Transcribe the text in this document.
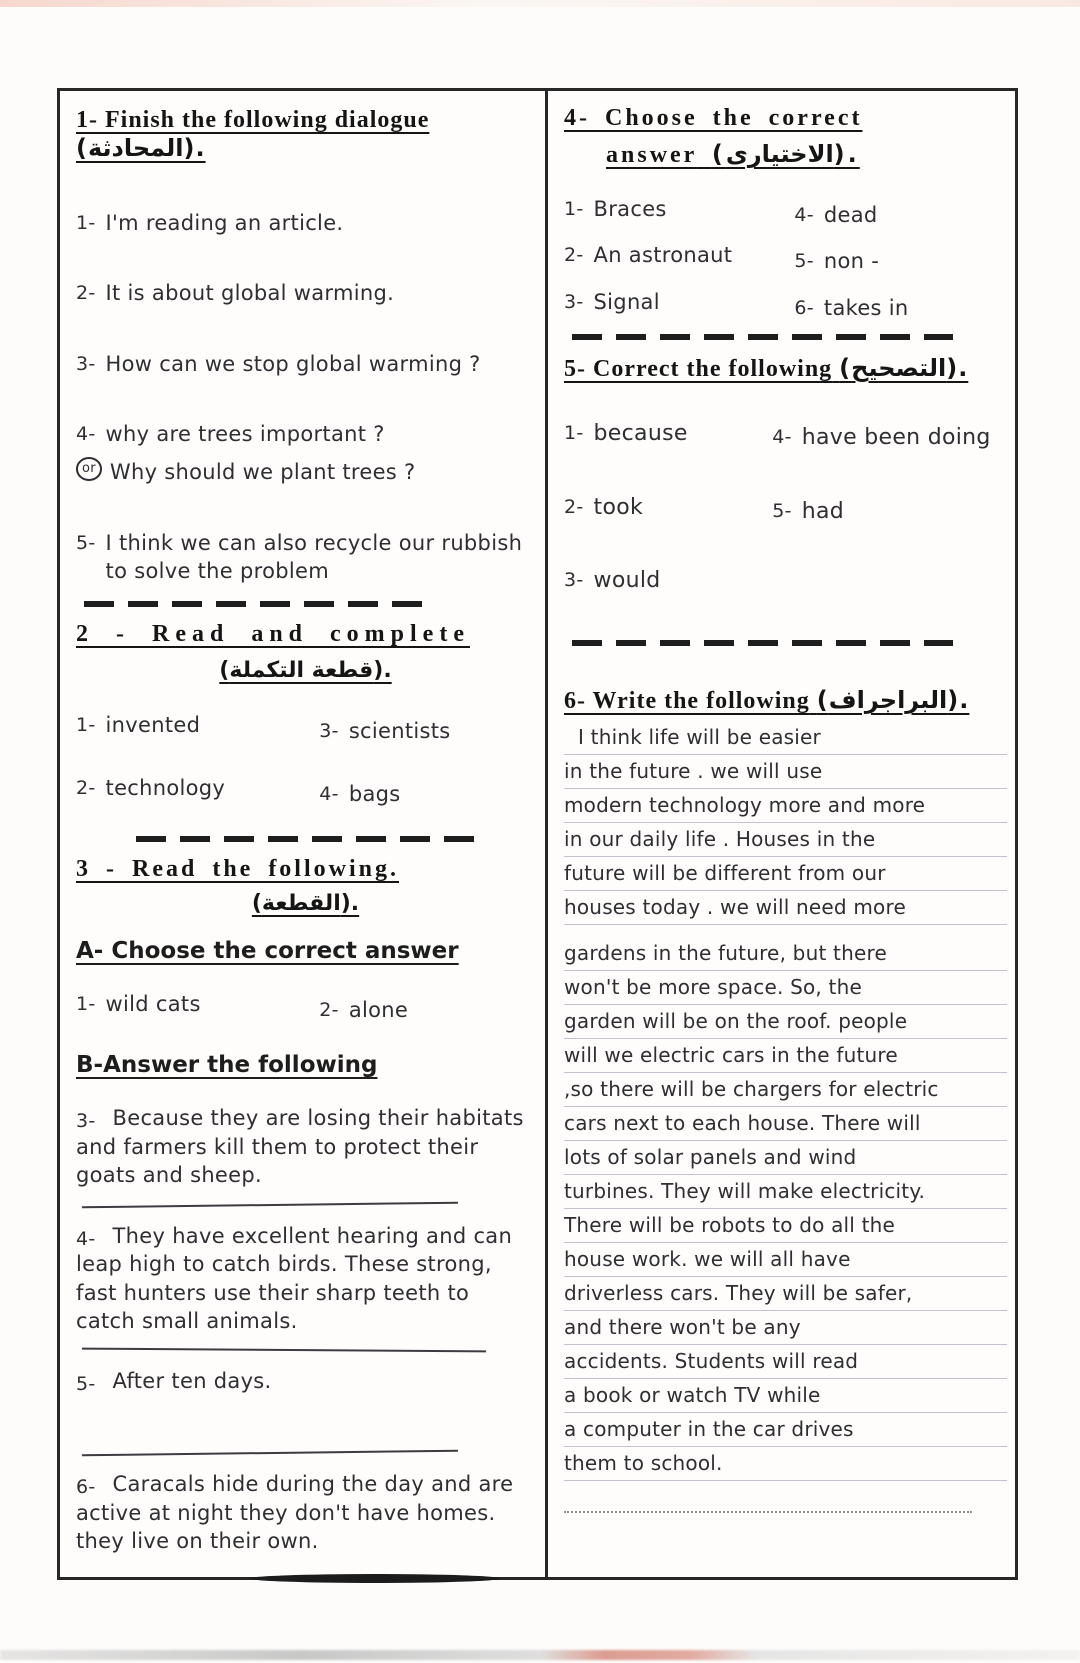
1- Finish the following dialogue (المحادثة).
1- I'm reading an article.
2- It is about global warming.
3- How can we stop global warming ?
4- why are trees important ?
or Why should we plant trees ?
5- I think we can also recycle our rubbish to solve the problem
2 - Read and complete
(قطعة التكملة).
1- invented	3- scientists
2- technology	4- bags
3 - Read the following.
(القطعة).
A- Choose the correct answer
1- wild cats	2- alone
B-Answer the following
3- Because they are losing their habitats and farmers kill them to protect their goats and sheep.
4- They have excellent hearing and can leap high to catch birds. These strong, fast hunters use their sharp teeth to catch small animals.
5- After ten days.
6- Caracals hide during the day and are active at night they don't have homes. they live on their own.
4- Choose the correct
answer (الاختيارى).
1- Braces	4- dead
2- An astronaut	5- non -
3- Signal	6- takes in
5- Correct the following (التصحيح).
1- because	4- have been doing
2- took	5- had
3- would
6- Write the following (البراجراف).
I think life will be easier
in the future . we will use
modern technology more and more
in our daily life . Houses in the
future will be different from our
houses today . we will need more
gardens in the future, but there
won't be more space. So, the
garden will be on the roof. people
will we electric cars in the future
,so there will be chargers for electric
cars next to each house. There will
lots of solar panels and wind
turbines. They will make electricity.
There will be robots to do all the
house work. we will all have
driverless cars. They will be safer,
and there won't be any
accidents. Students will read
a book or watch TV while
a computer in the car drives
them to school.
